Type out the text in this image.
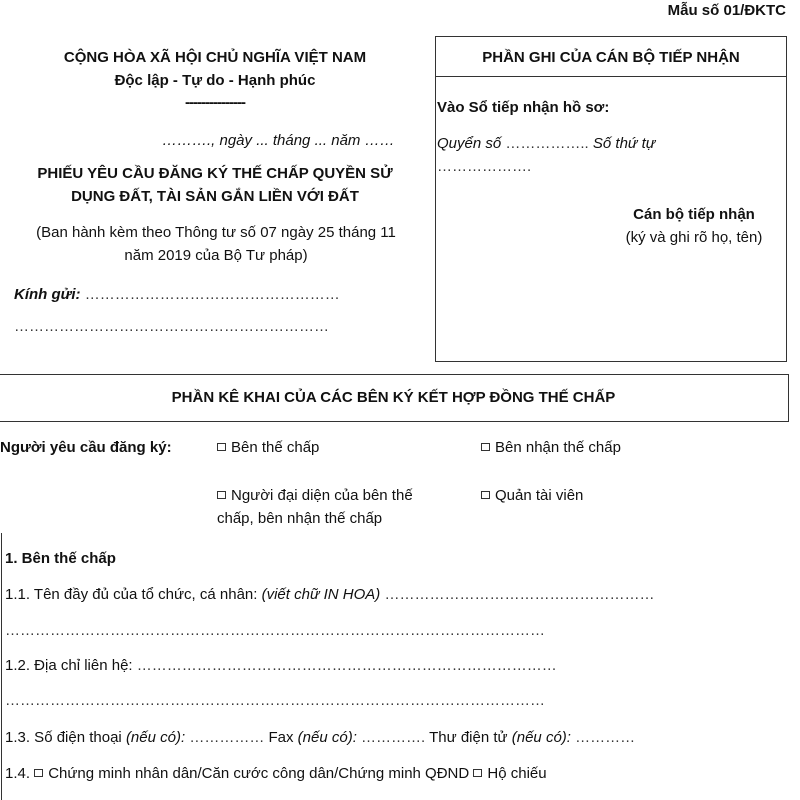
Mẫu số 01/ĐKTC
CỘNG HÒA XÃ HỘI CHỦ NGHĨA VIỆT NAM
Độc lập - Tự do - Hạnh phúc
---------------
………., ngày ... tháng ... năm ……
PHIẾU YÊU CẦU ĐĂNG KÝ THẾ CHẤP QUYỀN SỬ
DỤNG ĐẤT, TÀI SẢN GẮN LIỀN VỚI ĐẤT
(Ban hành kèm theo Thông tư số 07 ngày 25 tháng 11
năm 2019 của Bộ Tư pháp)
Kính gửi: ……………………………………………
………………………………………………………
PHẦN GHI CỦA CÁN BỘ TIẾP NHẬN
Vào Sổ tiếp nhận hồ sơ:
Quyển số …………….. Số thứ tự
……………….
Cán bộ tiếp nhận
(ký và ghi rõ họ, tên)
PHẦN KÊ KHAI CỦA CÁC BÊN KÝ KẾT HỢP ĐỒNG THẾ CHẤP
Người yêu cầu đăng ký:	Bên thế chấp	Bên nhận thế chấp
Người đại diện của bên thế
chấp, bên nhận thế chấp
Quản tài viên
1. Bên thế chấp
1.1. Tên đầy đủ của tổ chức, cá nhân: (viết chữ IN HOA) ………………………………………………
………………………………………………………………………………………………
1.2. Địa chỉ liên hệ: …………………………………………………………………………
………………………………………………………………………………………………
1.3. Số điện thoại (nếu có): …………… Fax (nếu có): …………. Thư điện tử (nếu có): …………
1.4. Chứng minh nhân dân/Căn cước công dân/Chứng minh QĐND Hộ chiếu
